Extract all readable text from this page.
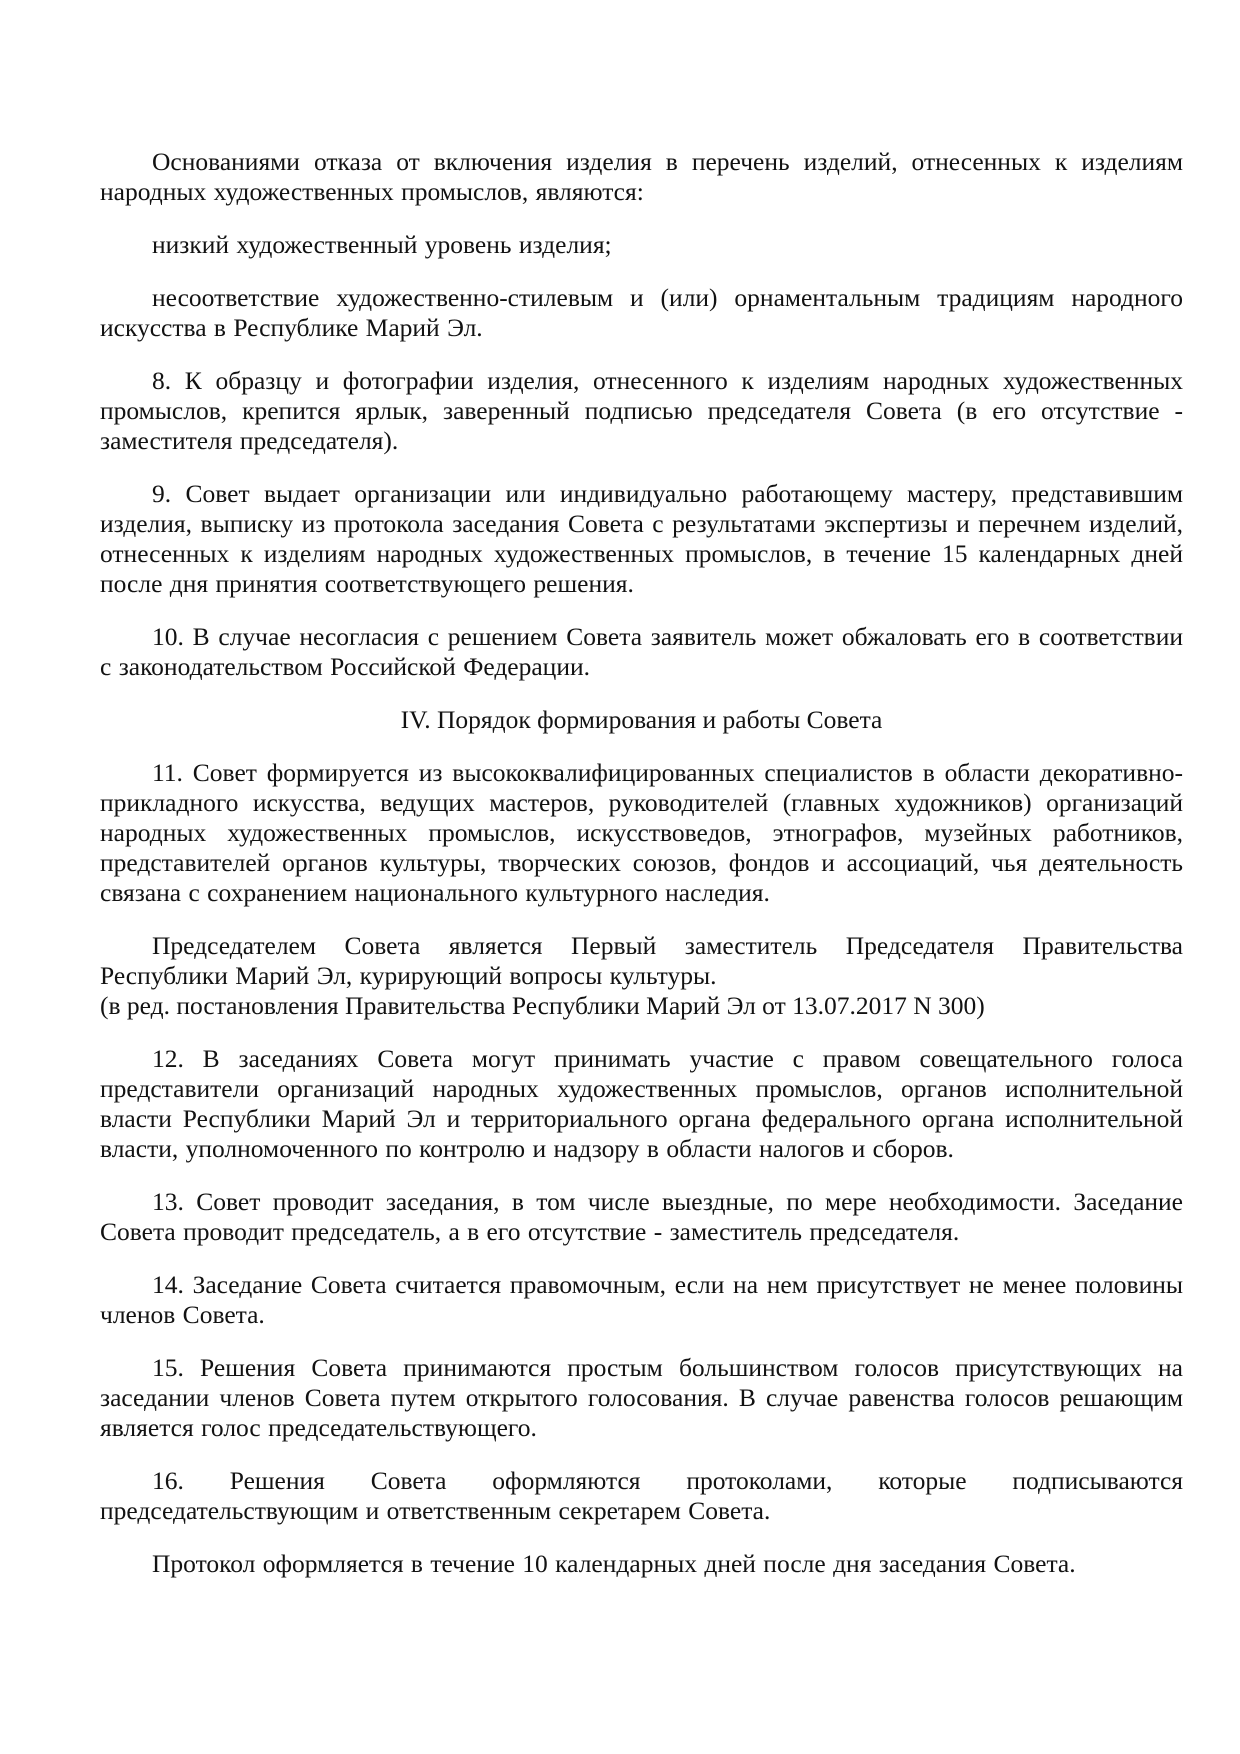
Основаниями отказа от включения изделия в перечень изделий, отнесенных к изделиям народных художественных промыслов, являются:

низкий художественный уровень изделия;

несоответствие художественно-стилевым и (или) орнаментальным традициям народного искусства в Республике Марий Эл.

8. К образцу и фотографии изделия, отнесенного к изделиям народных художественных промыслов, крепится ярлык, заверенный подписью председателя Совета (в его отсутствие - заместителя председателя).

9. Совет выдает организации или индивидуально работающему мастеру, представившим изделия, выписку из протокола заседания Совета с результатами экспертизы и перечнем изделий, отнесенных к изделиям народных художественных промыслов, в течение 15 календарных дней после дня принятия соответствующего решения.

10. В случае несогласия с решением Совета заявитель может обжаловать его в соответствии с законодательством Российской Федерации.

IV. Порядок формирования и работы Совета

11. Совет формируется из высококвалифицированных специалистов в области декоративно-прикладного искусства, ведущих мастеров, руководителей (главных художников) организаций народных художественных промыслов, искусствоведов, этнографов, музейных работников, представителей органов культуры, творческих союзов, фондов и ассоциаций, чья деятельность связана с сохранением национального культурного наследия.

Председателем Совета является Первый заместитель Председателя Правительства Республики Марий Эл, курирующий вопросы культуры.

(в ред. постановления Правительства Республики Марий Эл от 13.07.2017 N 300)

12. В заседаниях Совета могут принимать участие с правом совещательного голоса представители организаций народных художественных промыслов, органов исполнительной власти Республики Марий Эл и территориального органа федерального органа исполнительной власти, уполномоченного по контролю и надзору в области налогов и сборов.

13. Совет проводит заседания, в том числе выездные, по мере необходимости. Заседание Совета проводит председатель, а в его отсутствие - заместитель председателя.

14. Заседание Совета считается правомочным, если на нем присутствует не менее половины членов Совета.

15. Решения Совета принимаются простым большинством голосов присутствующих на заседании членов Совета путем открытого голосования. В случае равенства голосов решающим является голос председательствующего.

16. Решения Совета оформляются протоколами, которые подписываются председательствующим и ответственным секретарем Совета.

Протокол оформляется в течение 10 календарных дней после дня заседания Совета.
